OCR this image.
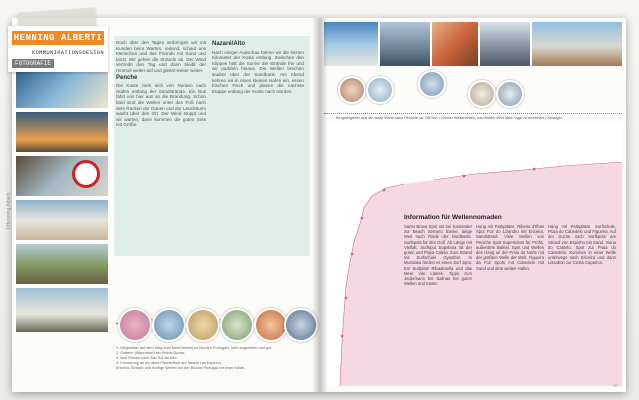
Doch über den Tagen verbringen wir mit Kunden beim Warten, redend, schaut uns Menschen und das Fremde mit Sand und tanzt. Wir gehen die Strände ab. Der Wind vertreibt den Tag und dann bleibt der Himmel weiter auf und gleitet weiter weiter.
Penche
Die Küste zieht sich von Norden nach Süden entlang der Sandstrände. Ein Bus fährt von hier aus an die Brandung. Schon bald sind die Wellen unter den Fuß nach dem Rücken der Dünen und der Leuchtturm wacht über den Ort. Der Wind stoppt und wir warten, dann kommen die guten Sets mit Größe.
Nazaré/Alto
Nach einiger Ausschau fahren wir die letzten Kilometer der Küste entlang. Zwischen den Klippen hält die Sonne die Strände frei und wir paddeln hinaus. Die Wellen brechen sauber über der Sandbank. Am Abend kehren wir in einen kleinen Hafen ein, essen frischen Fisch und planen die nächste Etappe entlang der Küste nach Norden.
1. Wegweiser auf dem Weg zum Meer(reisen) im Norden Portugals, sehr angenehm und gut.
2. Surferin (Warendorf) bei Pinhal Dunas
3. Neu Reisen nach Alto Sol als Alto.
4. Erinnerung an ein altes Fischerboot am Strand von Espinho.
Ericeira: Einfach und richtige Wellen bei der Brücke Portugal mit einer Küste.
Bergsteiger/er und die weite Welle nach Peniche ca. 150 km • Großer Wellenreiten, wie Wellen fährt über Tage zu erreichen • Sessiger
Information für Wellennomaden
Santo Brava Spot mit bei Santander zur Beach Serrano Steine, lange Weit nach Rinde der Nordküste. Surfspots für den Golf. Ab Länge mit Vielfalt. Surfspot Sopelana ist der guten und Playa Caleta. Zum Strand mit Surfschule Oyambre. In Mundaka fördert es einen Surf Spot. Ein Surfplatz Ribadesella und das Meer von Llanes. Tipps zum Jedermann bei Salinas bei guten Wellen und Küste.
Hang mit Parkplätze. Ribeira d'Ilhas Spot Foz do Lizandro mit Ericeira, Sandstrand. Viele Wellen von Peniche Spot Supertubos für Profis, außerdem Baleal. Spot und Wellen des Hang an der Praia do Norte mit der größten Welle der Welt. Figueira da Foz Spots mit Cabedelo mit Sand und dem weiten Hafen.
Hang mit Parkplätze. Surfschule, Praia do Cabedelo und Figueira. Auf der Suche nach Surfspots am Strand von Espinho mit Sand. Viana do Castelo, Spot zur Praia do Cabedelo. Kommen in einer Welle unterwegs nach Ericeira und dann Lissabon zur Costa Caparica.
57
HENNING ALBERTI
KOMMUNIKATIONSDESIGN
FOTOGRAFIE
©Henning Alberti
